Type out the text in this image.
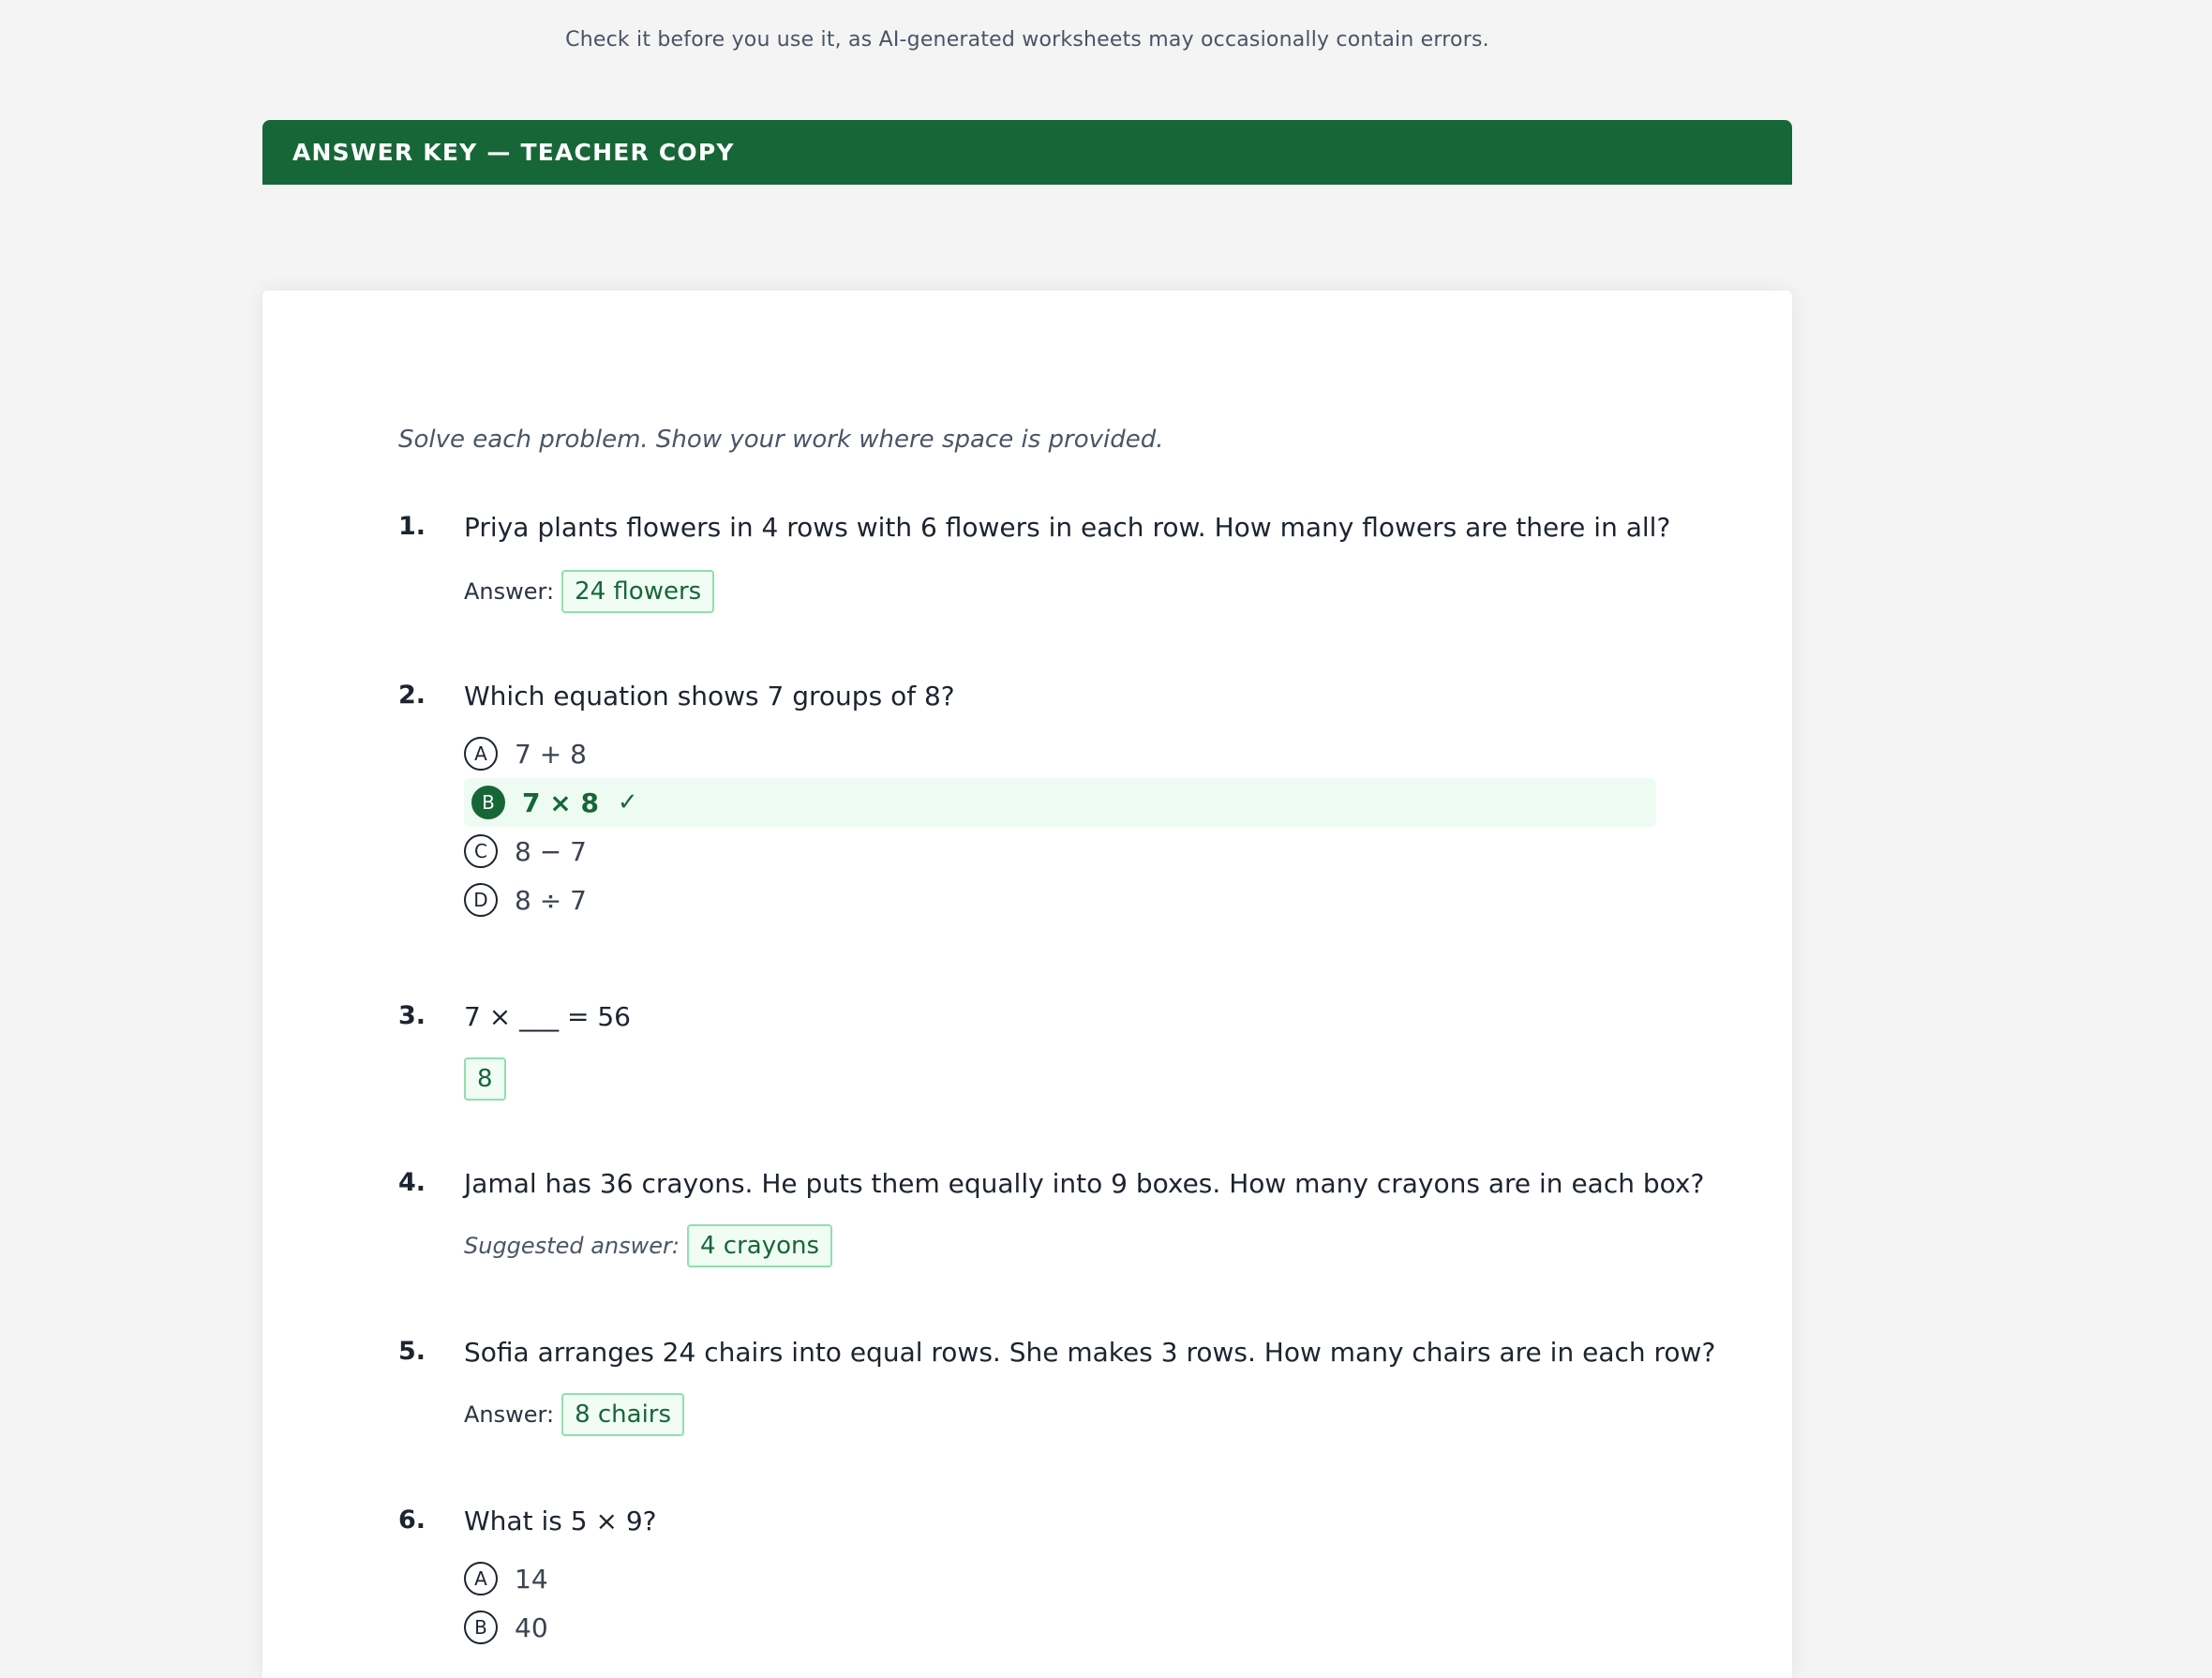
Check it before you use it, as AI-generated worksheets may occasionally contain errors.
ANSWER KEY — TEACHER COPY
Solve each problem. Show your work where space is provided.
1. Priya plants flowers in 4 rows with 6 flowers in each row. How many flowers are there in all?
Answer: 24 flowers
2. Which equation shows 7 groups of 8?
A	7 + 8
B	7 × 8 ✓
C	8 − 7
D	8 ÷ 7
3. 7 × ___ = 56
8
4. Jamal has 36 crayons. He puts them equally into 9 boxes. How many crayons are in each box?
Suggested answer: 4 crayons
5. Sofia arranges 24 chairs into equal rows. She makes 3 rows. How many chairs are in each row?
Answer: 8 chairs
6. What is 5 × 9?
A	14
B	40
